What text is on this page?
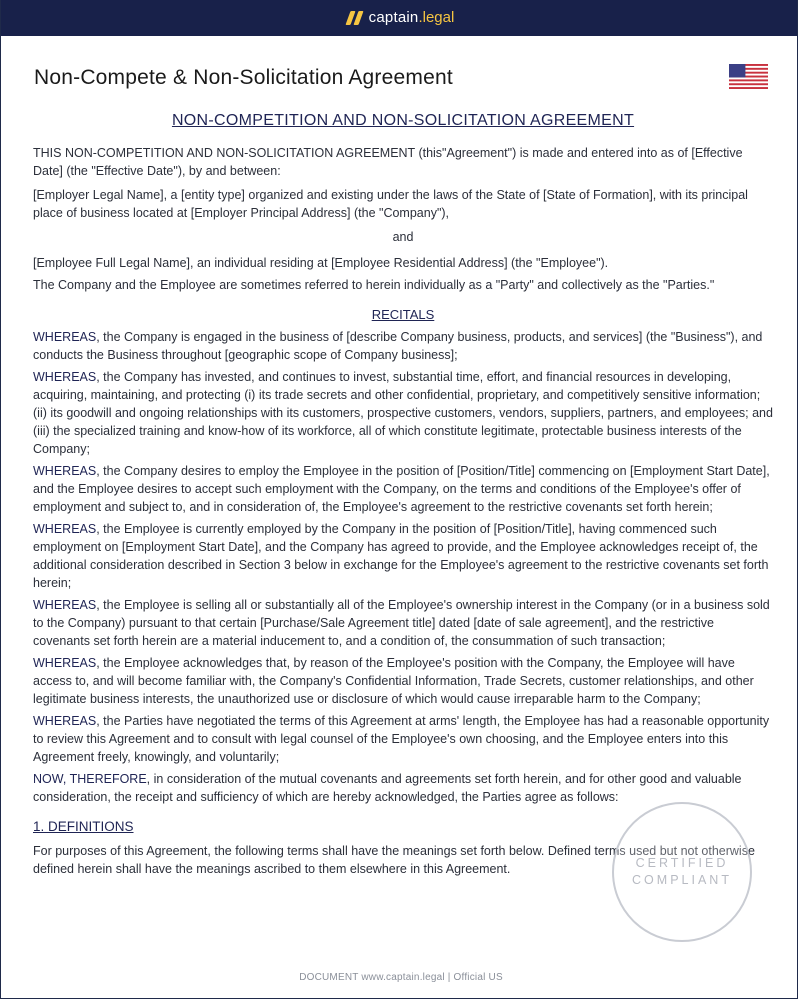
captain.legal
Non-Compete & Non-Solicitation Agreement

NON-COMPETITION AND NON-SOLICITATION AGREEMENT

THIS NON-COMPETITION AND NON-SOLICITATION AGREEMENT (this"Agreement") is made and entered into as of [Effective Date] (the "Effective Date"), by and between:

[Employer Legal Name], a [entity type] organized and existing under the laws of the State of [State of Formation], with its principal place of business located at [Employer Principal Address] (the "Company"),

and

[Employee Full Legal Name], an individual residing at [Employee Residential Address] (the "Employee").

The Company and the Employee are sometimes referred to herein individually as a "Party" and collectively as the "Parties."

RECITALS

WHEREAS, the Company is engaged in the business of [describe Company business, products, and services] (the "Business"), and conducts the Business throughout [geographic scope of Company business];

WHEREAS, the Company has invested, and continues to invest, substantial time, effort, and financial resources in developing, acquiring, maintaining, and protecting (i) its trade secrets and other confidential, proprietary, and competitively sensitive information; (ii) its goodwill and ongoing relationships with its customers, prospective customers, vendors, suppliers, partners, and employees; and (iii) the specialized training and know-how of its workforce, all of which constitute legitimate, protectable business interests of the Company;

WHEREAS, the Company desires to employ the Employee in the position of [Position/Title] commencing on [Employment Start Date], and the Employee desires to accept such employment with the Company, on the terms and conditions of the Employee's offer of employment and subject to, and in consideration of, the Employee's agreement to the restrictive covenants set forth herein;

WHEREAS, the Employee is currently employed by the Company in the position of [Position/Title], having commenced such employment on [Employment Start Date], and the Company has agreed to provide, and the Employee acknowledges receipt of, the additional consideration described in Section 3 below in exchange for the Employee's agreement to the restrictive covenants set forth herein;

WHEREAS, the Employee is selling all or substantially all of the Employee's ownership interest in the Company (or in a business sold to the Company) pursuant to that certain [Purchase/Sale Agreement title] dated [date of sale agreement], and the restrictive covenants set forth herein are a material inducement to, and a condition of, the consummation of such transaction;

WHEREAS, the Employee acknowledges that, by reason of the Employee's position with the Company, the Employee will have access to, and will become familiar with, the Company's Confidential Information, Trade Secrets, customer relationships, and other legitimate business interests, the unauthorized use or disclosure of which would cause irreparable harm to the Company;

WHEREAS, the Parties have negotiated the terms of this Agreement at arms' length, the Employee has had a reasonable opportunity to review this Agreement and to consult with legal counsel of the Employee's own choosing, and the Employee enters into this Agreement freely, knowingly, and voluntarily;

NOW, THEREFORE, in consideration of the mutual covenants and agreements set forth herein, and for other good and valuable consideration, the receipt and sufficiency of which are hereby acknowledged, the Parties agree as follows:

1. DEFINITIONS

For purposes of this Agreement, the following terms shall have the meanings set forth below. Defined terms used but not otherwise defined herein shall have the meanings ascribed to them elsewhere in this Agreement.	CERTIFIED
COMPLIANT
DOCUMENT www.captain.legal | Official US
